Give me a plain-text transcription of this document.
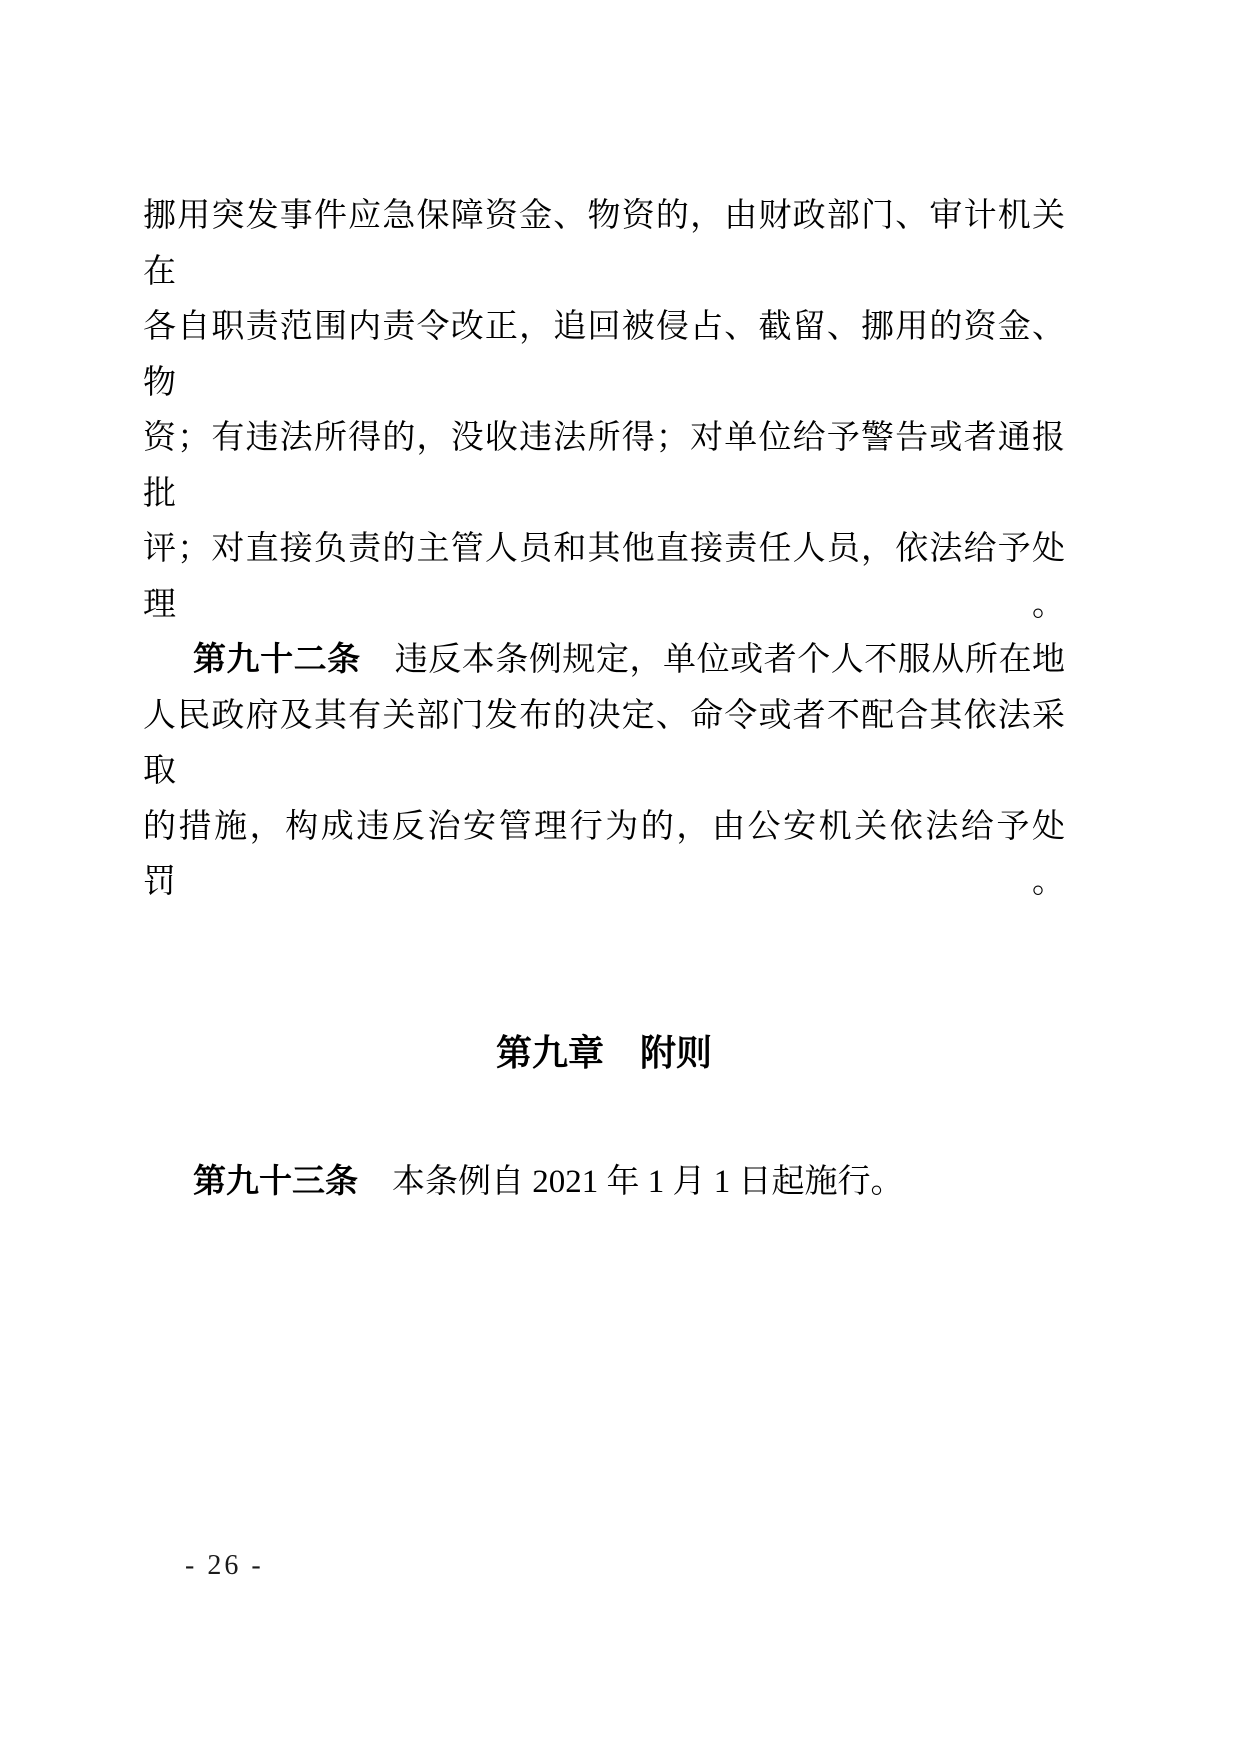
挪用突发事件应急保障资金、物资的，由财政部门、审计机关在

各自职责范围内责令改正，追回被侵占、截留、挪用的资金、物

资；有违法所得的，没收违法所得；对单位给予警告或者通报批

评；对直接负责的主管人员和其他直接责任人员，依法给予处理。

第九十二条 违反本条例规定，单位或者个人不服从所在地

人民政府及其有关部门发布的决定、命令或者不配合其依法采取

的措施，构成违反治安管理行为的，由公安机关依法给予处罚。

第九章 附则

第九十三条 本条例自 2021 年 1 月 1 日起施行。

- 26 -
